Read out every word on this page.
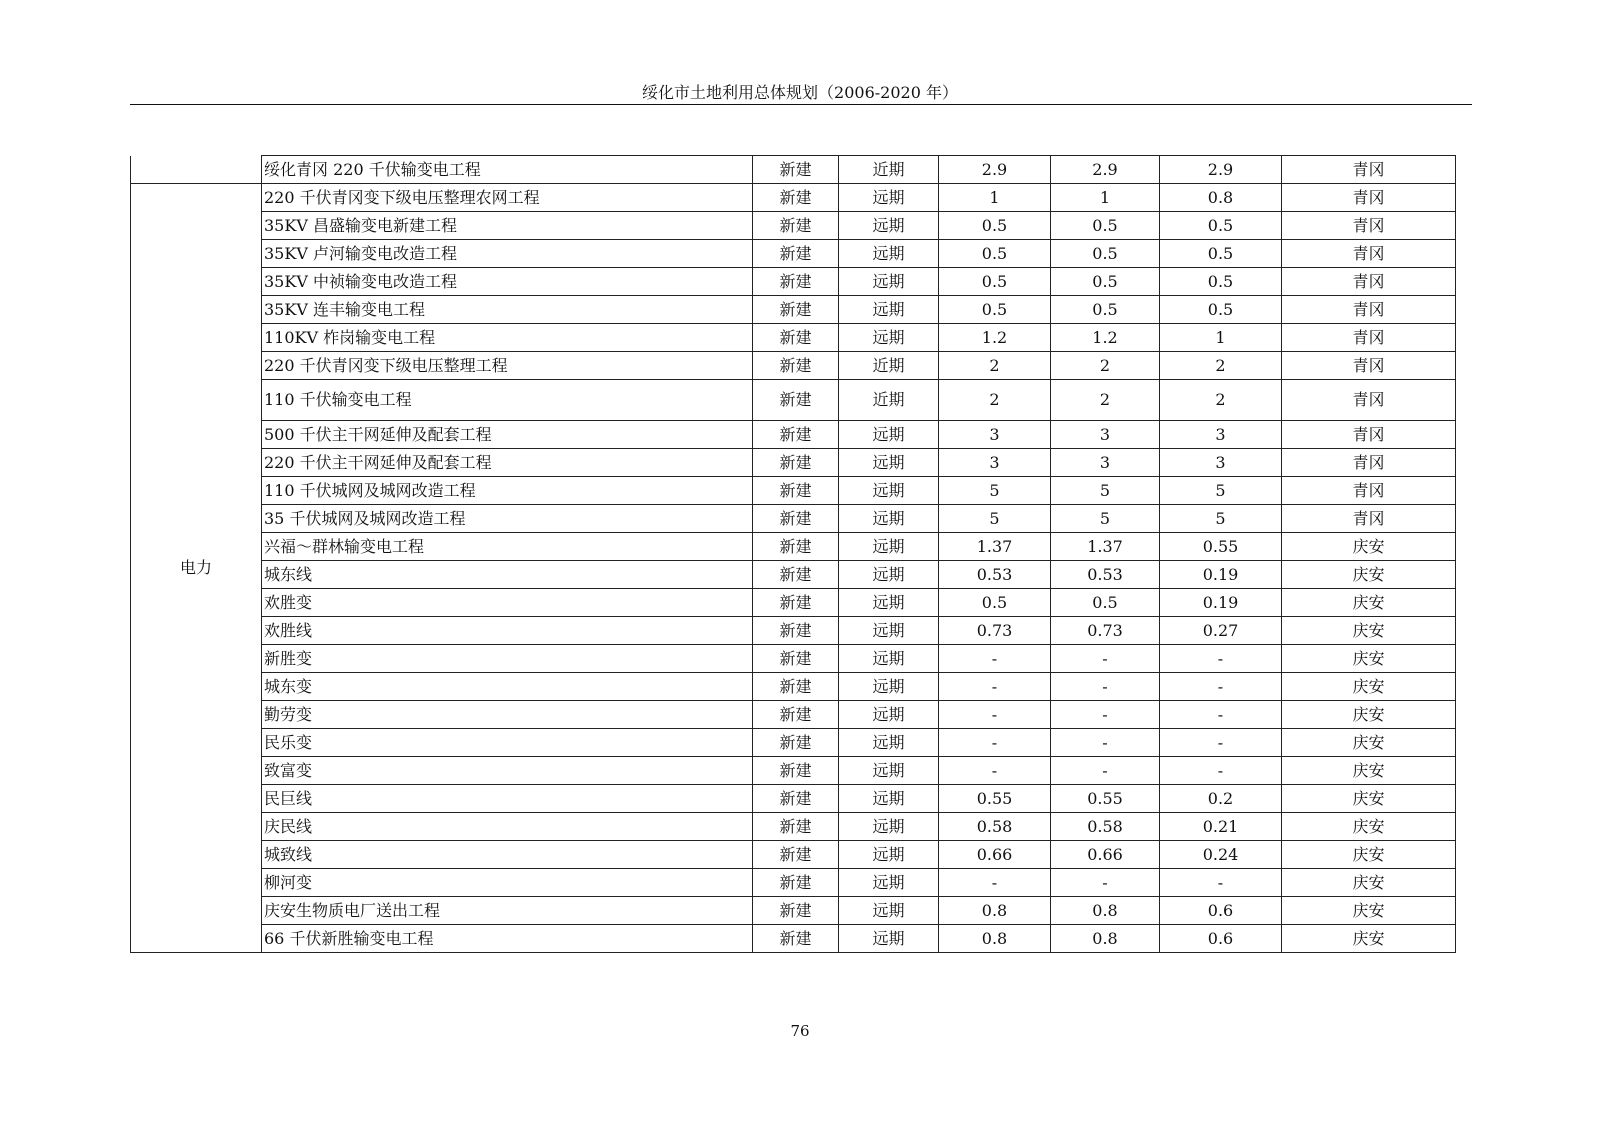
绥化市土地利用总体规划（2006-2020 年）
	绥化青冈 220 千伏输变电工程	新建	近期	2.9	2.9	2.9	青冈
电力	220 千伏青冈变下级电压整理农网工程	新建	远期	1	1	0.8	青冈
	35KV 昌盛输变电新建工程	新建	远期	0.5	0.5	0.5	青冈
	35KV 卢河输变电改造工程	新建	远期	0.5	0.5	0.5	青冈
	35KV 中祯输变电改造工程	新建	远期	0.5	0.5	0.5	青冈
	35KV 连丰输变电工程	新建	远期	0.5	0.5	0.5	青冈
	110KV 柞岗输变电工程	新建	远期	1.2	1.2	1	青冈
	220 千伏青冈变下级电压整理工程	新建	近期	2	2	2	青冈
	110 千伏输变电工程	新建	近期	2	2	2	青冈
	500 千伏主干网延伸及配套工程	新建	远期	3	3	3	青冈
	220 千伏主干网延伸及配套工程	新建	远期	3	3	3	青冈
	110 千伏城网及城网改造工程	新建	远期	5	5	5	青冈
	35 千伏城网及城网改造工程	新建	远期	5	5	5	青冈
	兴福～群林输变电工程	新建	远期	1.37	1.37	0.55	庆安
	城东线	新建	远期	0.53	0.53	0.19	庆安
	欢胜变	新建	远期	0.5	0.5	0.19	庆安
	欢胜线	新建	远期	0.73	0.73	0.27	庆安
	新胜变	新建	远期	-	-	-	庆安
	城东变	新建	远期	-	-	-	庆安
	勤劳变	新建	远期	-	-	-	庆安
	民乐变	新建	远期	-	-	-	庆安
	致富变	新建	远期	-	-	-	庆安
	民巨线	新建	远期	0.55	0.55	0.2	庆安
	庆民线	新建	远期	0.58	0.58	0.21	庆安
	城致线	新建	远期	0.66	0.66	0.24	庆安
	柳河变	新建	远期	-	-	-	庆安
	庆安生物质电厂送出工程	新建	远期	0.8	0.8	0.6	庆安
	66 千伏新胜输变电工程	新建	远期	0.8	0.8	0.6	庆安
76
